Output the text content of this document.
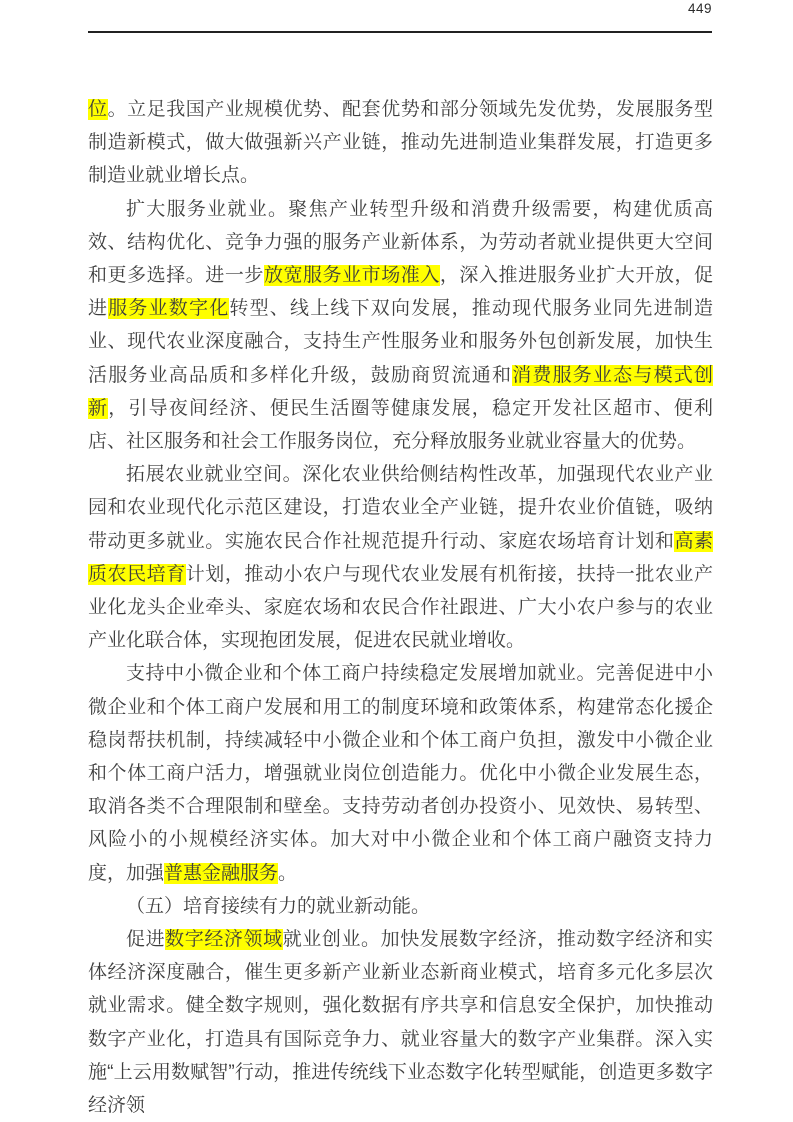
449

位。立足我国产业规模优势、配套优势和部分领域先发优势，发展服务型制造新模式，做大做强新兴产业链，推动先进制造业集群发展，打造更多制造业就业增长点。

扩大服务业就业。聚焦产业转型升级和消费升级需要，构建优质高效、结构优化、竞争力强的服务产业新体系，为劳动者就业提供更大空间和更多选择。进一步放宽服务业市场准入，深入推进服务业扩大开放，促进服务业数字化转型、线上线下双向发展，推动现代服务业同先进制造业、现代农业深度融合，支持生产性服务业和服务外包创新发展，加快生活服务业高品质和多样化升级，鼓励商贸流通和消费服务业态与模式创新，引导夜间经济、便民生活圈等健康发展，稳定开发社区超市、便利店、社区服务和社会工作服务岗位，充分释放服务业就业容量大的优势。

拓展农业就业空间。深化农业供给侧结构性改革，加强现代农业产业园和农业现代化示范区建设，打造农业全产业链，提升农业价值链，吸纳带动更多就业。实施农民合作社规范提升行动、家庭农场培育计划和高素质农民培育计划，推动小农户与现代农业发展有机衔接，扶持一批农业产业化龙头企业牵头、家庭农场和农民合作社跟进、广大小农户参与的农业产业化联合体，实现抱团发展，促进农民就业增收。

支持中小微企业和个体工商户持续稳定发展增加就业。完善促进中小微企业和个体工商户发展和用工的制度环境和政策体系，构建常态化援企稳岗帮扶机制，持续减轻中小微企业和个体工商户负担，激发中小微企业和个体工商户活力，增强就业岗位创造能力。优化中小微企业发展生态，取消各类不合理限制和壁垒。支持劳动者创办投资小、见效快、易转型、风险小的小规模经济实体。加大对中小微企业和个体工商户融资支持力度，加强普惠金融服务。

（五）培育接续有力的就业新动能。

促进数字经济领域就业创业。加快发展数字经济，推动数字经济和实体经济深度融合，催生更多新产业新业态新商业模式，培育多元化多层次就业需求。健全数字规则，强化数据有序共享和信息安全保护，加快推动数字产业化，打造具有国际竞争力、就业容量大的数字产业集群。深入实施“上云用数赋智”行动，推进传统线下业态数字化转型赋能，创造更多数字经济领
